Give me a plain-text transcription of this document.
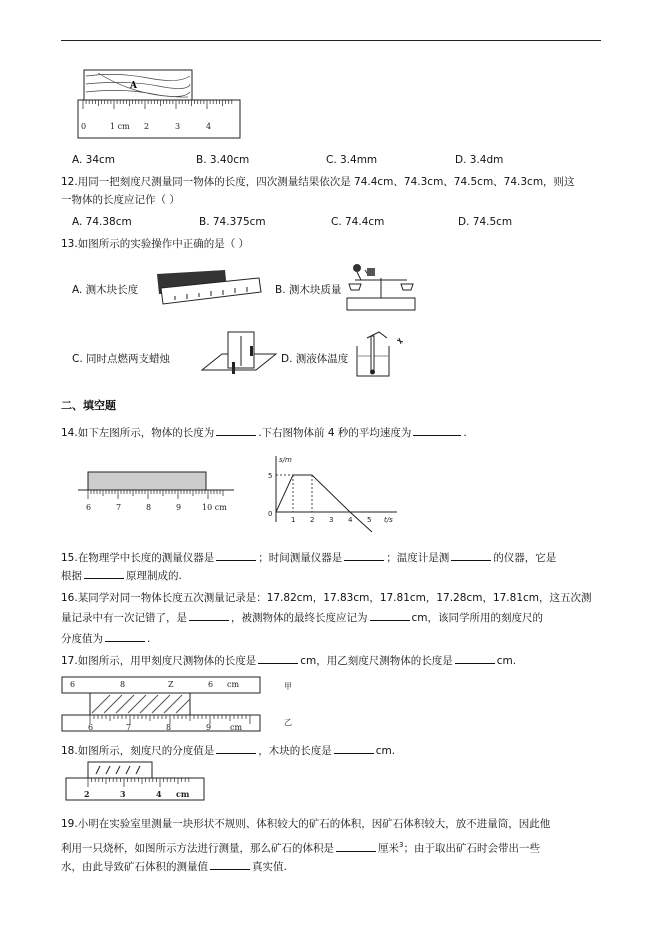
A
0	1 cm 2	3	4
A. 34cm	B. 3.40cm	C. 3.4mm	D. 3.4dm
12.用同一把刻度尺测量同一物体的长度，四次测量结果依次是 74.4cm、74.3cm、74.5cm、74.3cm，则这
一物体的长度应记作（ ）
A. 74.38cm	B. 74.375cm	C. 74.4cm	D. 74.5cm
13.如图所示的实验操作中正确的是（ ）
A. 测木块长度	B. 测木块质量
C. 同时点燃两支蜡烛	D. 测液体温度
二、填空题
14.如下左图所示，物体的长度为	.下右图物体前 4 秒的平均速度为	.
6	7	8	9	10 cm
s/m
t/s
5
0
1 2 3 4 5
15.在物理学中长度的测量仪器是	；时间测量仪器是	；温度计是测	的仪器，它是
根据	原理制成的.
16.某同学对同一物体长度五次测量记录是：17.82cm，17.83cm，17.81cm，17.28cm，17.81cm，这五次测
量记录中有一次记错了，是	，被测物体的最终长度应记为	cm，该同学所用的刻度尺的
分度值为	.
17.如图所示，用甲刻度尺测物体的长度是	cm，用乙刻度尺测物体的长度是	cm.
6	8	Z	6 cm
6	7	8	9 cm
甲
乙
18.如图所示，刻度尺的分度值是	，木块的长度是	cm.
2	3	4 cm
19.小明在实验室里测量一块形状不规则、体积较大的矿石的体积，因矿石体积较大，放不进量筒，因此他
利用一只烧杯，如图所示方法进行测量，那么矿石的体积是	厘米$^3$；由于取出矿石时会带出一些
水，由此导致矿石体积的测量值	真实值.
